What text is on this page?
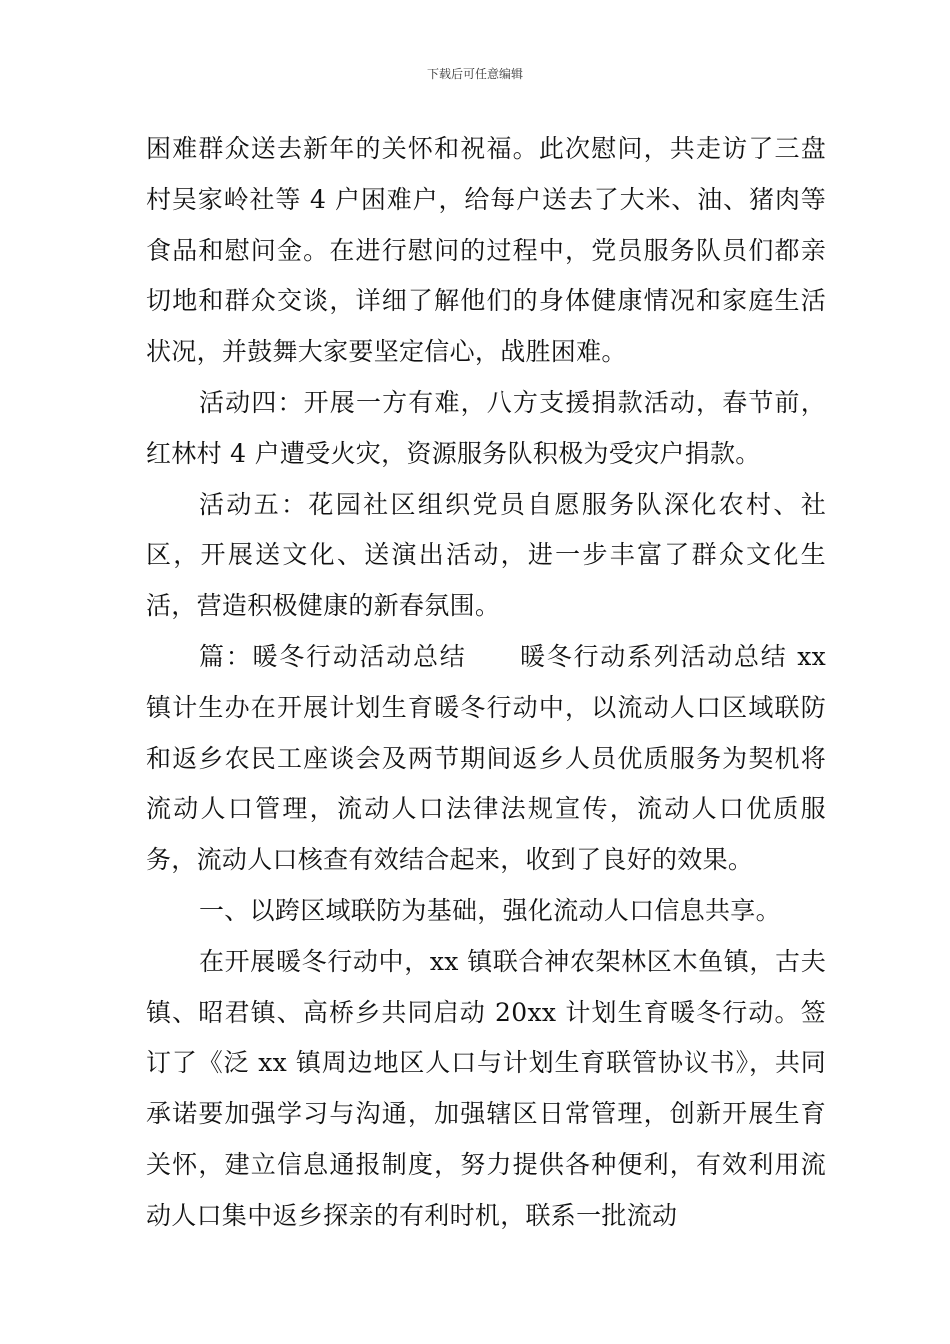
下载后可任意编辑

困难群众送去新年的关怀和祝福。此次慰问，共走访了三盘村吴家岭社等 4 户困难户，给每户送去了大米、油、猪肉等食品和慰问金。在进行慰问的过程中，党员服务队员们都亲切地和群众交谈，详细了解他们的身体健康情况和家庭生活状况，并鼓舞大家要坚定信心，战胜困难。

活动四：开展一方有难，八方支援捐款活动，春节前，红林村 4 户遭受火灾，资源服务队积极为受灾户捐款。

活动五：花园社区组织党员自愿服务队深化农村、社区，开展送文化、送演出活动，进一步丰富了群众文化生活，营造积极健康的新春氛围。

篇：暖冬行动活动总结　　暖冬行动系列活动总结 xx 镇计生办在开展计划生育暖冬行动中，以流动人口区域联防和返乡农民工座谈会及两节期间返乡人员优质服务为契机将流动人口管理，流动人口法律法规宣传，流动人口优质服务，流动人口核查有效结合起来，收到了良好的效果。

一、以跨区域联防为基础，强化流动人口信息共享。

在开展暖冬行动中，xx 镇联合神农架林区木鱼镇，古夫镇、昭君镇、高桥乡共同启动 20xx 计划生育暖冬行动。签订了《泛 xx 镇周边地区人口与计划生育联管协议书》，共同承诺要加强学习与沟通，加强辖区日常管理，创新开展生育关怀，建立信息通报制度，努力提供各种便利，有效利用流动人口集中返乡探亲的有利时机，联系一批流动
